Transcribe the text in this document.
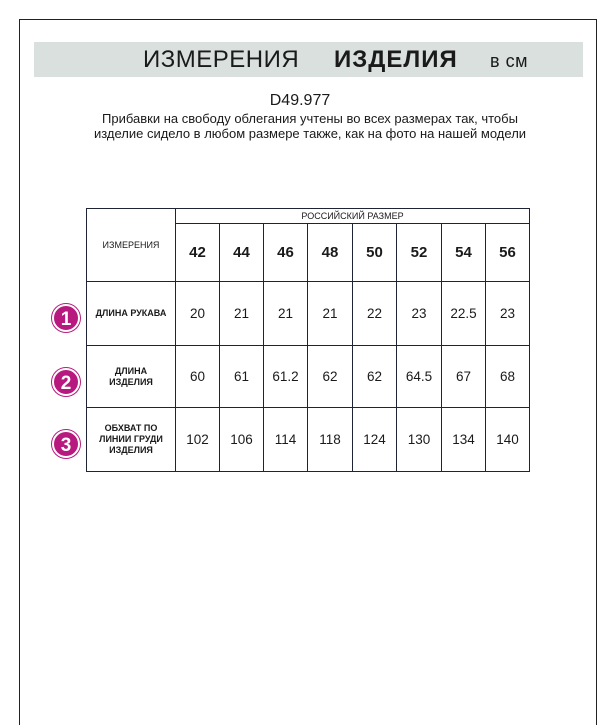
ИЗМЕРЕНИЯ ИЗДЕЛИЯ в см
D49.977
Прибавки на свободу облегания учтены во всех размерах так, чтобы изделие сидело в любом размере также, как на фото на нашей модели
ИЗМЕРЕНИЯ	РОССИЙСКИЙ РАЗМЕР							
	42	44	46	48	50	52	54	56
ДЛИНА РУКАВА	20	21	21	21	22	23	22.5	23
ДЛИНА ИЗДЕЛИЯ	60	61	61.2	62	62	64.5	67	68
ОБХВАТ ПО ЛИНИИ ГРУДИ ИЗДЕЛИЯ	102	106	114	118	124	130	134	140
1
2
3
